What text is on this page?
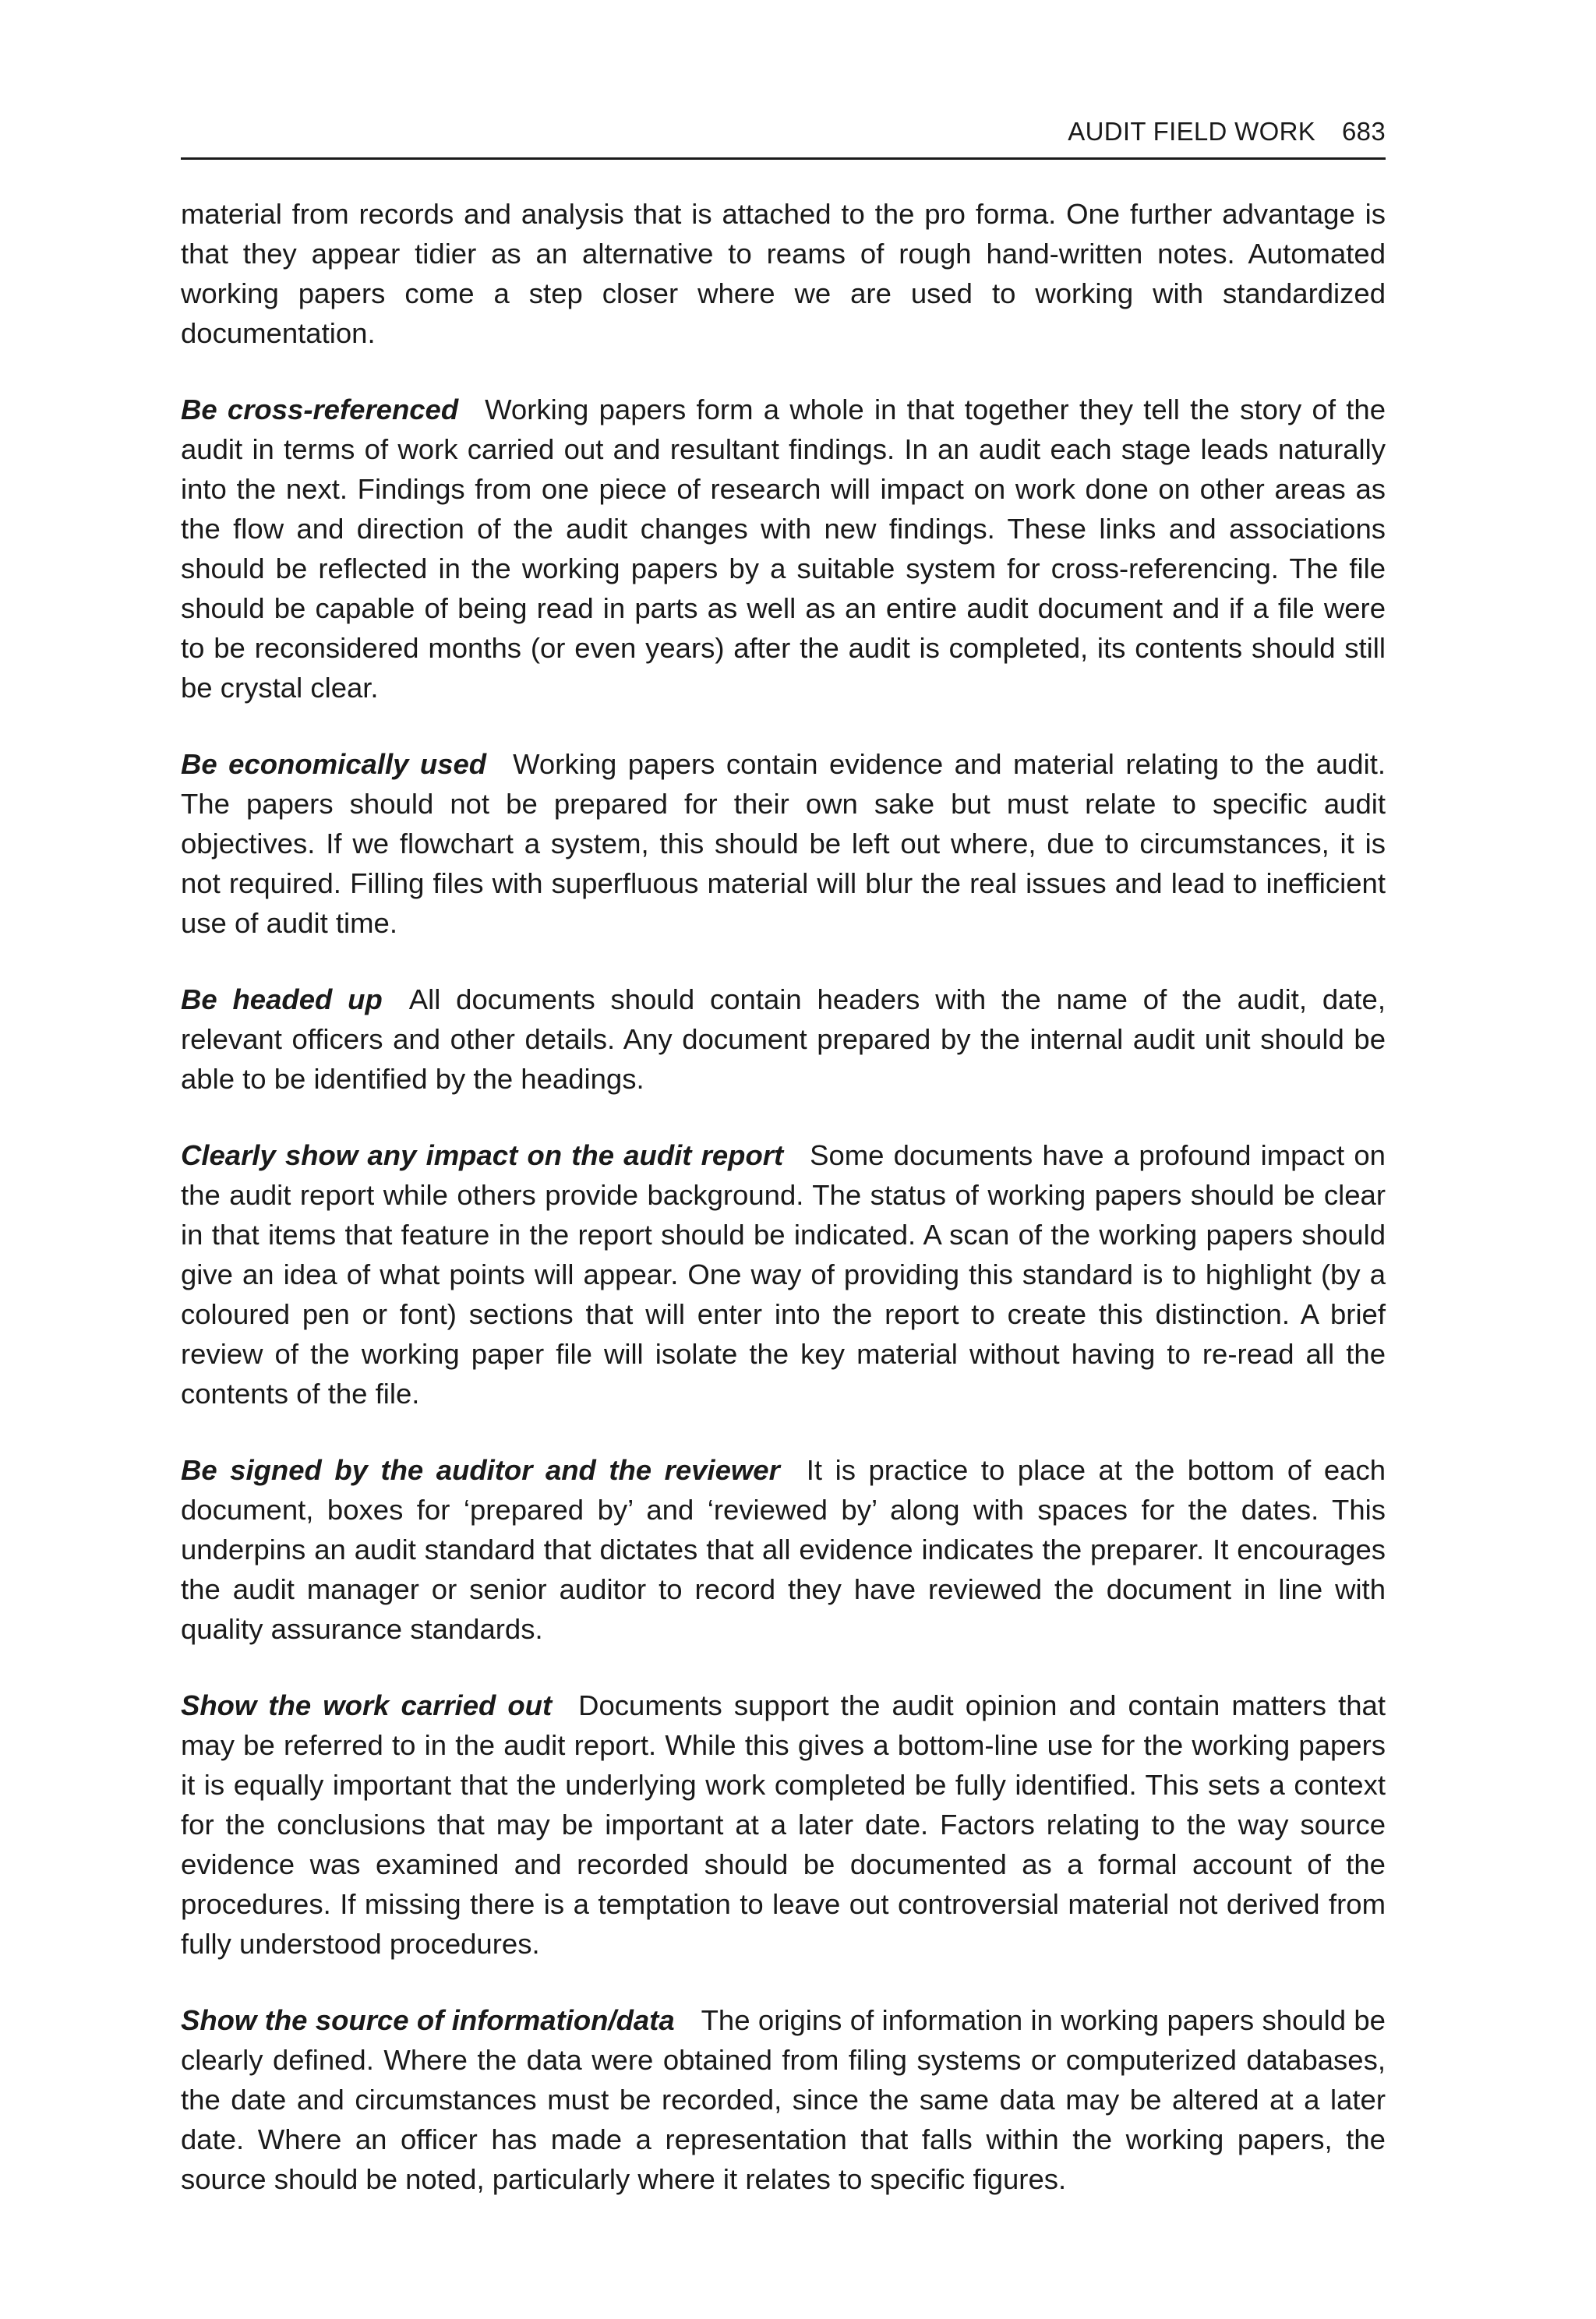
AUDIT FIELD WORK 683

material from records and analysis that is attached to the pro forma. One further advantage is that they appear tidier as an alternative to reams of rough hand-written notes. Automated working papers come a step closer where we are used to working with standardized documentation.

Be cross-referenced Working papers form a whole in that together they tell the story of the audit in terms of work carried out and resultant findings. In an audit each stage leads naturally into the next. Findings from one piece of research will impact on work done on other areas as the flow and direction of the audit changes with new findings. These links and associations should be reflected in the working papers by a suitable system for cross-referencing. The file should be capable of being read in parts as well as an entire audit document and if a file were to be reconsidered months (or even years) after the audit is completed, its contents should still be crystal clear.

Be economically used Working papers contain evidence and material relating to the audit. The papers should not be prepared for their own sake but must relate to specific audit objectives. If we flowchart a system, this should be left out where, due to circumstances, it is not required. Filling files with superfluous material will blur the real issues and lead to inefficient use of audit time.

Be headed up All documents should contain headers with the name of the audit, date, relevant officers and other details. Any document prepared by the internal audit unit should be able to be identified by the headings.

Clearly show any impact on the audit report Some documents have a profound impact on the audit report while others provide background. The status of working papers should be clear in that items that feature in the report should be indicated. A scan of the working papers should give an idea of what points will appear. One way of providing this standard is to highlight (by a coloured pen or font) sections that will enter into the report to create this distinction. A brief review of the working paper file will isolate the key material without having to re-read all the contents of the file.

Be signed by the auditor and the reviewer It is practice to place at the bottom of each document, boxes for ‘prepared by’ and ‘reviewed by’ along with spaces for the dates. This underpins an audit standard that dictates that all evidence indicates the preparer. It encourages the audit manager or senior auditor to record they have reviewed the document in line with quality assurance standards.

Show the work carried out Documents support the audit opinion and contain matters that may be referred to in the audit report. While this gives a bottom-line use for the working papers it is equally important that the underlying work completed be fully identified. This sets a context for the conclusions that may be important at a later date. Factors relating to the way source evidence was examined and recorded should be documented as a formal account of the procedures. If missing there is a temptation to leave out controversial material not derived from fully understood procedures.

Show the source of information/data The origins of information in working papers should be clearly defined. Where the data were obtained from filing systems or computerized databases, the date and circumstances must be recorded, since the same data may be altered at a later date. Where an officer has made a representation that falls within the working papers, the source should be noted, particularly where it relates to specific figures.
